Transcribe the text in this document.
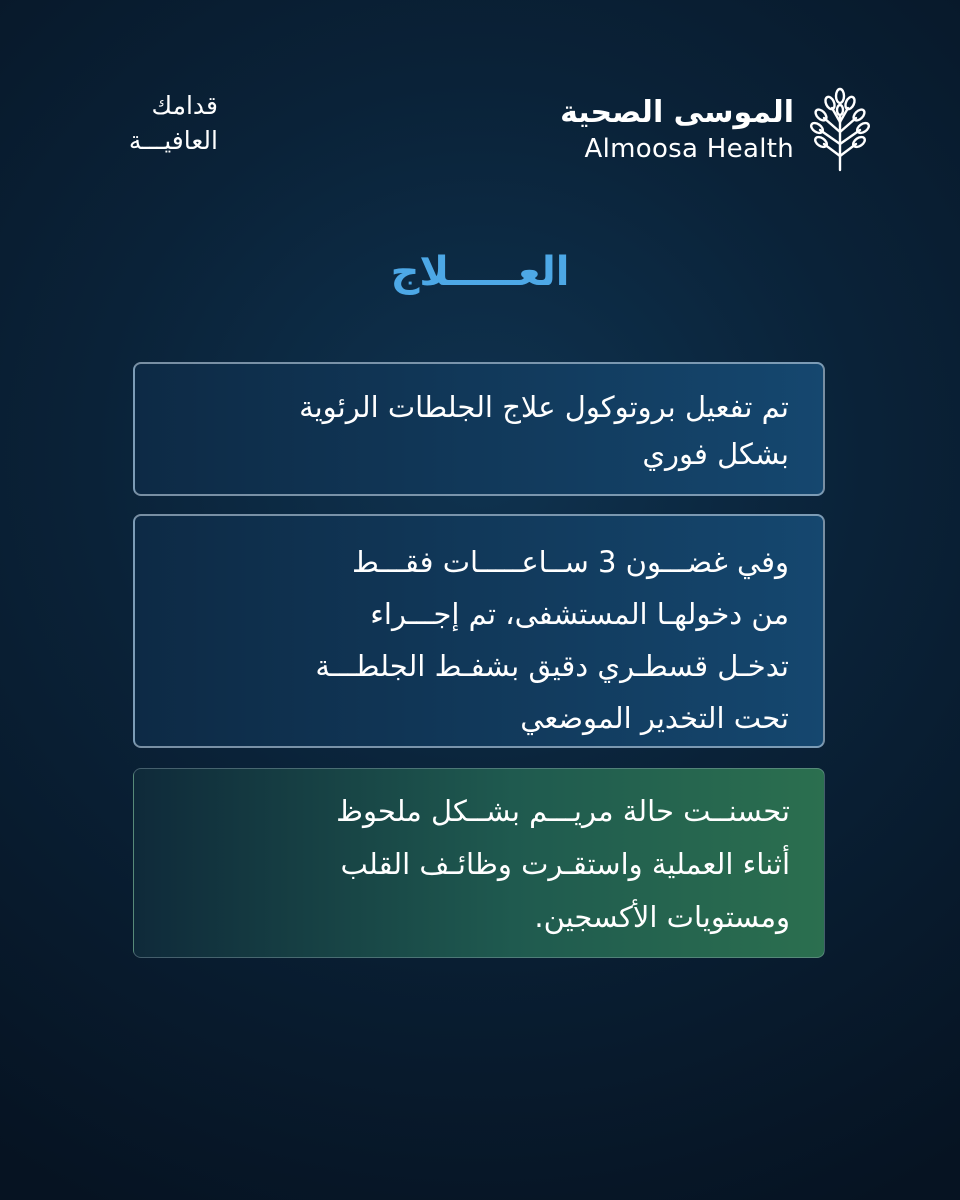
الموسى الصحية
Almoosa Health
قدامك
العافيـــة
العـــــلاج
تم تفعيل بروتوكول علاج الجلطات الرئوية
بشكل فوري
وفي غضـــون 3 ســاعـــــات فقـــط
من دخولهـا المستشفى، تم إجـــراء
تدخـل قسطـري دقيق بشفـط الجلطـــة
تحت التخدير الموضعي
تحسنــت حالة مريـــم بشــكل ملحوظ
أثناء العملية واستقـرت وظائـف القلب
ومستويات الأكسجين.
